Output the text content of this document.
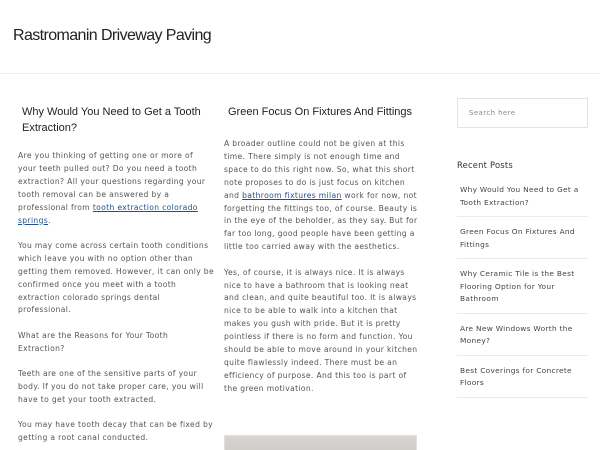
Rastromanin Driveway Paving
Why Would You Need to Get a Tooth Extraction?

Are you thinking of getting one or more of your teeth pulled out? Do you need a tooth extraction? All your questions regarding your tooth removal can be answered by a professional from tooth extraction colorado springs.

You may come across certain tooth conditions which leave you with no option other than getting them removed. However, it can only be confirmed once you meet with a tooth extraction colorado springs dental professional.

What are the Reasons for Your Tooth Extraction?

Teeth are one of the sensitive parts of your body. If you do not take proper care, you will have to get your tooth extracted.

You may have tooth decay that can be fixed by getting a root canal conducted.

Green Focus On Fixtures And Fittings

A broader outline could not be given at this time. There simply is not enough time and space to do this right now. So, what this short note proposes to do is just focus on kitchen and bathroom fixtures milan work for now, not forgetting the fittings too, of course. Beauty is in the eye of the beholder, as they say. But for far too long, good people have been getting a little too carried away with the aesthetics.

Yes, of course, it is always nice. It is always nice to have a bathroom that is looking neat and clean, and quite beautiful too. It is always nice to be able to walk into a kitchen that makes you gush with pride. But it is pretty pointless if there is no form and function. You should be able to move around in your kitchen quite flawlessly indeed. There must be an efficiency of purpose. And this too is part of the green motivation.

Search here
Recent Posts
Why Would You Need to Get a Tooth Extraction?
Green Focus On Fixtures And Fittings
Why Ceramic Tile is the Best Flooring Option for Your Bathroom
Are New Windows Worth the Money?
Best Coverings for Concrete Floors
